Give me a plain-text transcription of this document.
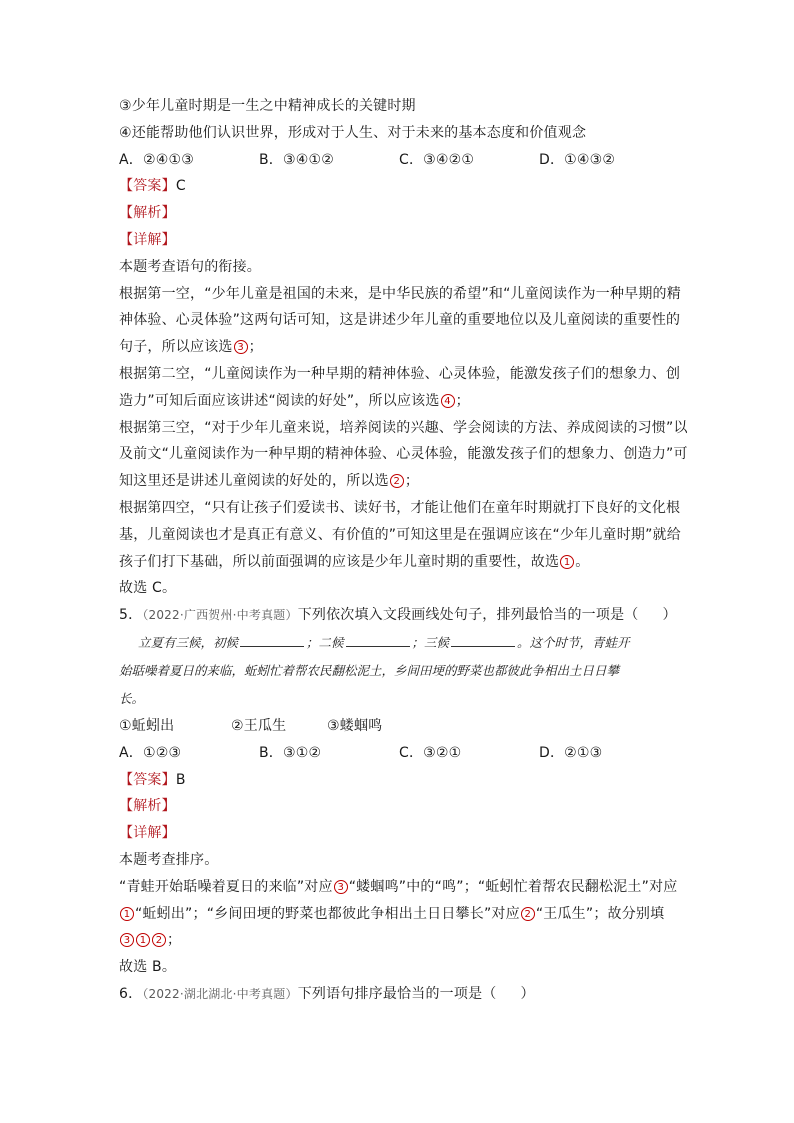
③少年儿童时期是一生之中精神成长的关键时期
④还能帮助他们认识世界，形成对于人生、对于未来的基本态度和价值观念
A．②④①③	B．③④①②	C．③④②①	D．①④③②
【答案】C
【解析】
【详解】
本题考查语句的衔接。
根据第一空，“少年儿童是祖国的未来，是中华民族的希望”和“儿童阅读作为一种早期的精
神体验、心灵体验”这两句话可知，这是讲述少年儿童的重要地位以及儿童阅读的重要性的
句子，所以应该选 3 ；
根据第二空，“儿童阅读作为一种早期的精神体验、心灵体验，能激发孩子们的想象力、创
造力”可知后面应该讲述“阅读的好处”，所以应该选 4 ；
根据第三空，“对于少年儿童来说，培养阅读的兴趣、学会阅读的方法、养成阅读的习惯”以
及前文“儿童阅读作为一种早期的精神体验、心灵体验，能激发孩子们的想象力、创造力”可
知这里还是讲述儿童阅读的好处的，所以选 2 ；
根据第四空，“只有让孩子们爱读书、读好书，才能让他们在童年时期就打下良好的文化根
基，儿童阅读也才是真正有意义、有价值的”可知这里是在强调应该在“少年儿童时期”就给
孩子们打下基础，所以前面强调的应该是少年儿童时期的重要性，故选 1 。
故选 C。
5．（2022·广西贺州·中考真题）下列依次填入文段画线处句子，排列最恰当的一项是（  ）
立夏有三候，初候	；二候	；三候	。这个时节，青蛙开
始聒噪着夏日的来临，蚯蚓忙着帮农民翻松泥土，乡间田埂的野菜也都彼此争相出土日日攀
长。
①蚯蚓出	②王瓜生	③蝼蝈鸣
A．①②③	B．③①②	C．③②①	D．②①③
【答案】B
【解析】
【详解】
本题考查排序。
“青蛙开始聒噪着夏日的来临”对应 3 “蝼蝈鸣”中的“鸣”；“蚯蚓忙着帮农民翻松泥土”对应
1 “蚯蚓出”；“乡间田埂的野菜也都彼此争相出土日日攀长”对应 2 “王瓜生”；故分别填
3 1 2 ；
故选 B。
6．（2022·湖北湖北·中考真题）下列语句排序最恰当的一项是（  ）
